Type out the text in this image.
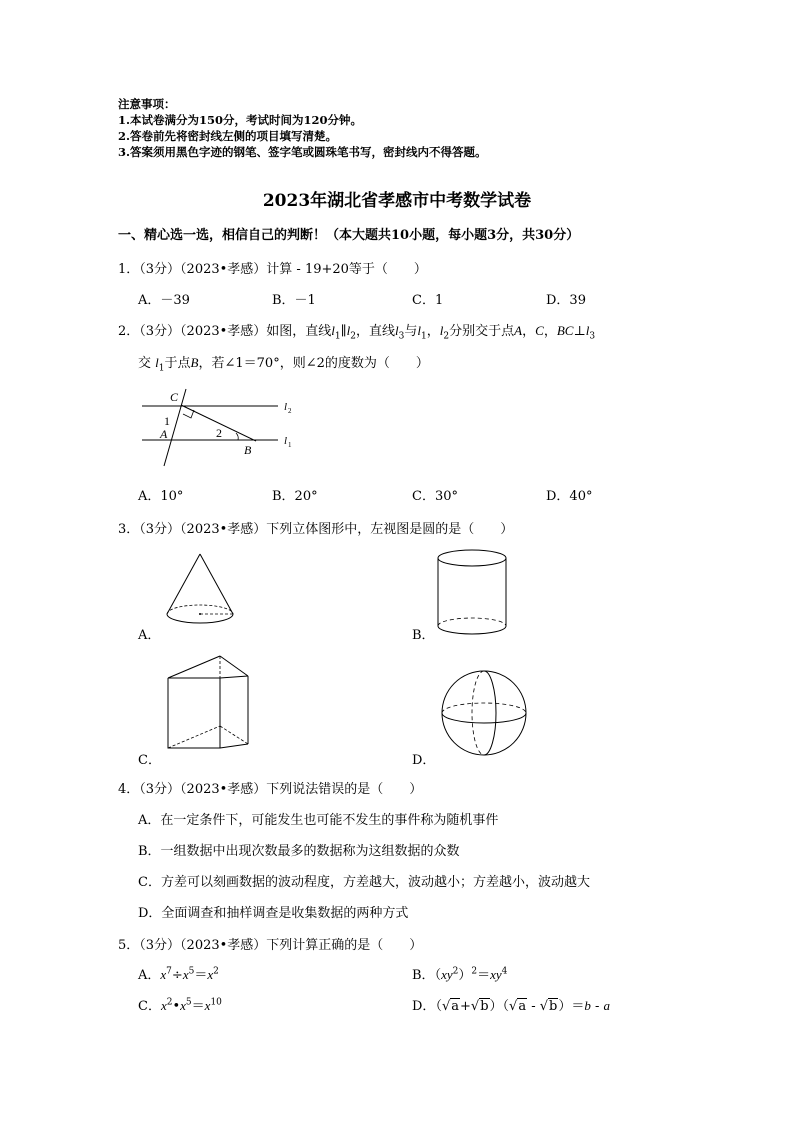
注意事项：
1.本试卷满分为150分，考试时间为120分钟。
2.答卷前先将密封线左侧的项目填写清楚。
3.答案须用黑色字迹的钢笔、签字笔或圆珠笔书写，密封线内不得答题。
2023年湖北省孝感市中考数学试卷
一、精心选一选，相信自己的判断！（本大题共10小题，每小题3分，共30分）
1．（3分）（2023•孝感）计算 - 19+20等于（　　）
A．－39	B．－1	C．1	D．39
2．（3分）（2023•孝感）如图，直线$l_1\parallel l_2$，直线$l_3$与$l_1$，$l_2$分别交于点A，C，$BC\perp l_3$
交 $l_1$于点B，若∠1＝70°，则∠2的度数为（　　）
C
A
B
1
2
l 2
l 1
A．10°	B．20°	C．30°	D．40°
3．（3分）（2023•孝感）下列立体图形中，左视图是圆的是（　　）
A．	B．
C．	D．
4．（3分）（2023•孝感）下列说法错误的是（　　）
A．在一定条件下，可能发生也可能不发生的事件称为随机事件
B．一组数据中出现次数最多的数据称为这组数据的众数
C．方差可以刻画数据的波动程度，方差越大，波动越小；方差越小，波动越大
D．全面调查和抽样调查是收集数据的两种方式
5．（3分）（2023•孝感）下列计算正确的是（　　）
A．$x^7\div x^5=x^2$	B．$(xy^2)^2=xy^4$
C．$x^2•x^5=x^{10}$	D．（√a+√b）（√a - √b）＝b - a
